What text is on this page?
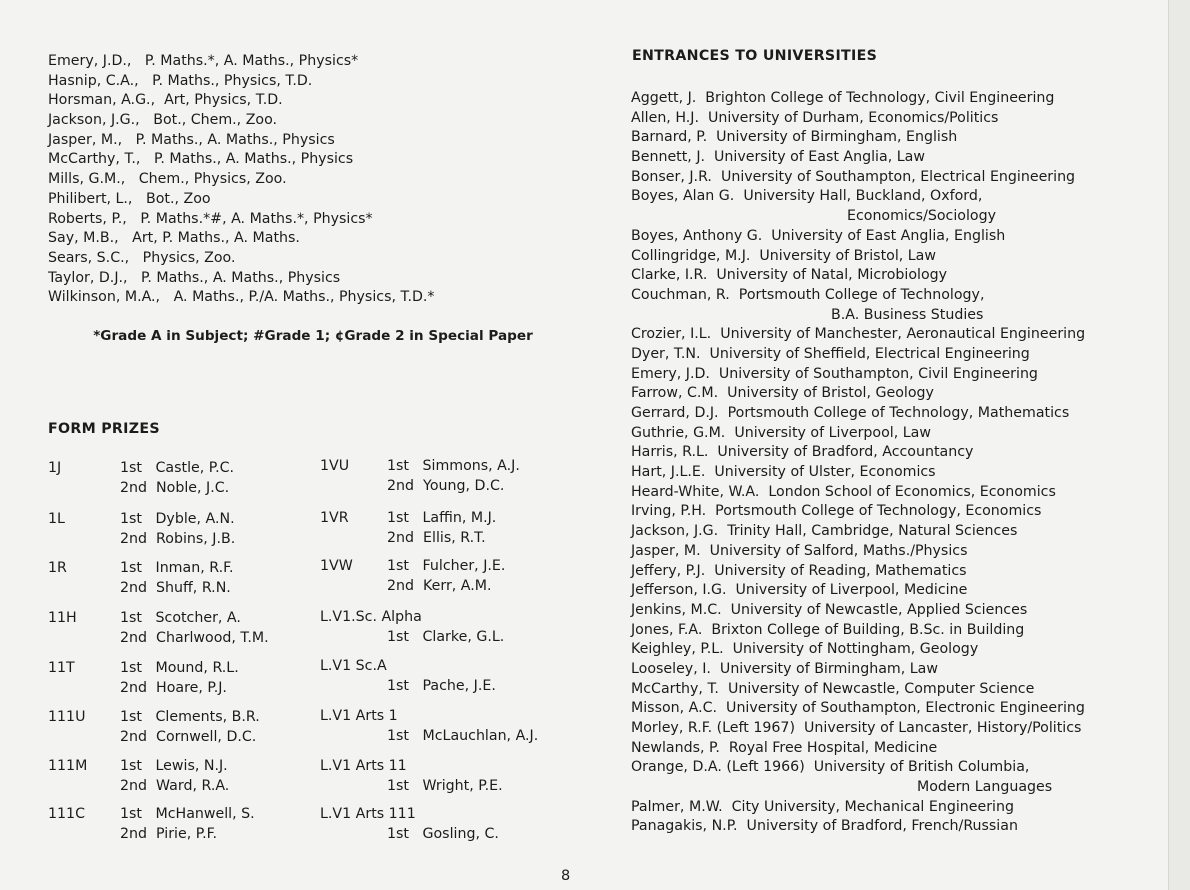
Emery, J.D.,   P. Maths.*, A. Maths., Physics*
Hasnip, C.A.,   P. Maths., Physics, T.D.
Horsman, A.G.,  Art, Physics, T.D.
Jackson, J.G.,   Bot., Chem., Zoo.
Jasper, M.,   P. Maths., A. Maths., Physics
McCarthy, T.,   P. Maths., A. Maths., Physics
Mills, G.M.,   Chem., Physics, Zoo.
Philibert, L.,   Bot., Zoo
Roberts, P.,   P. Maths.*#, A. Maths.*, Physics*
Say, M.B.,   Art, P. Maths., A. Maths.
Sears, S.C.,   Physics, Zoo.
Taylor, D.J.,   P. Maths., A. Maths., Physics
Wilkinson, M.A.,   A. Maths., P./A. Maths., Physics, T.D.*
*Grade A in Subject; #Grade 1; ¢Grade 2 in Special Paper
FORM PRIZES
1J	1st   Castle, P.C.
2nd  Noble, J.C.
1L	1st   Dyble, A.N.
2nd  Robins, J.B.
1R	1st   Inman, R.F.
2nd  Shuff, R.N.
11H	1st   Scotcher, A.
2nd  Charlwood, T.M.
11T	1st   Mound, R.L.
2nd  Hoare, P.J.
111U 1st   Clements, B.R.
2nd  Cornwell, D.C.
111M 1st   Lewis, N.J.
2nd  Ward, R.A.
111C 1st   McHanwell, S.
2nd  Pirie, P.F.
1VU	1st   Simmons, A.J.
2nd  Young, D.C.
1VR	1st   Laffin, M.J.
2nd  Ellis, R.T.
1VW 1st   Fulcher, J.E.
2nd  Kerr, A.M.
L.V1.Sc. Alpha
1st   Clarke, G.L.
L.V1 Sc.A
1st   Pache, J.E.
L.V1 Arts 1
1st   McLauchlan, A.J.
L.V1 Arts 11
1st   Wright, P.E.
L.V1 Arts 111
1st   Gosling, C.
ENTRANCES TO UNIVERSITIES
Aggett, J.  Brighton College of Technology, Civil Engineering
Allen, H.J.  University of Durham, Economics/Politics
Barnard, P.  University of Birmingham, English
Bennett, J.  University of East Anglia, Law
Bonser, J.R.  University of Southampton, Electrical Engineering
Boyes, Alan G.  University Hall, Buckland, Oxford,
Economics/Sociology
Boyes, Anthony G.  University of East Anglia, English
Collingridge, M.J.  University of Bristol, Law
Clarke, I.R.  University of Natal, Microbiology
Couchman, R.  Portsmouth College of Technology,
B.A. Business Studies
Crozier, I.L.  University of Manchester, Aeronautical Engineering
Dyer, T.N.  University of Sheffield, Electrical Engineering
Emery, J.D.  University of Southampton, Civil Engineering
Farrow, C.M.  University of Bristol, Geology
Gerrard, D.J.  Portsmouth College of Technology, Mathematics
Guthrie, G.M.  University of Liverpool, Law
Harris, R.L.  University of Bradford, Accountancy
Hart, J.L.E.  University of Ulster, Economics
Heard-White, W.A.  London School of Economics, Economics
Irving, P.H.  Portsmouth College of Technology, Economics
Jackson, J.G.  Trinity Hall, Cambridge, Natural Sciences
Jasper, M.  University of Salford, Maths./Physics
Jeffery, P.J.  University of Reading, Mathematics
Jefferson, I.G.  University of Liverpool, Medicine
Jenkins, M.C.  University of Newcastle, Applied Sciences
Jones, F.A.  Brixton College of Building, B.Sc. in Building
Keighley, P.L.  University of Nottingham, Geology
Looseley, I.  University of Birmingham, Law
McCarthy, T.  University of Newcastle, Computer Science
Misson, A.C.  University of Southampton, Electronic Engineering
Morley, R.F. (Left 1967)  University of Lancaster, History/Politics
Newlands, P.  Royal Free Hospital, Medicine
Orange, D.A. (Left 1966)  University of British Columbia,
Modern Languages
Palmer, M.W.  City University, Mechanical Engineering
Panagakis, N.P.  University of Bradford, French/Russian
8
